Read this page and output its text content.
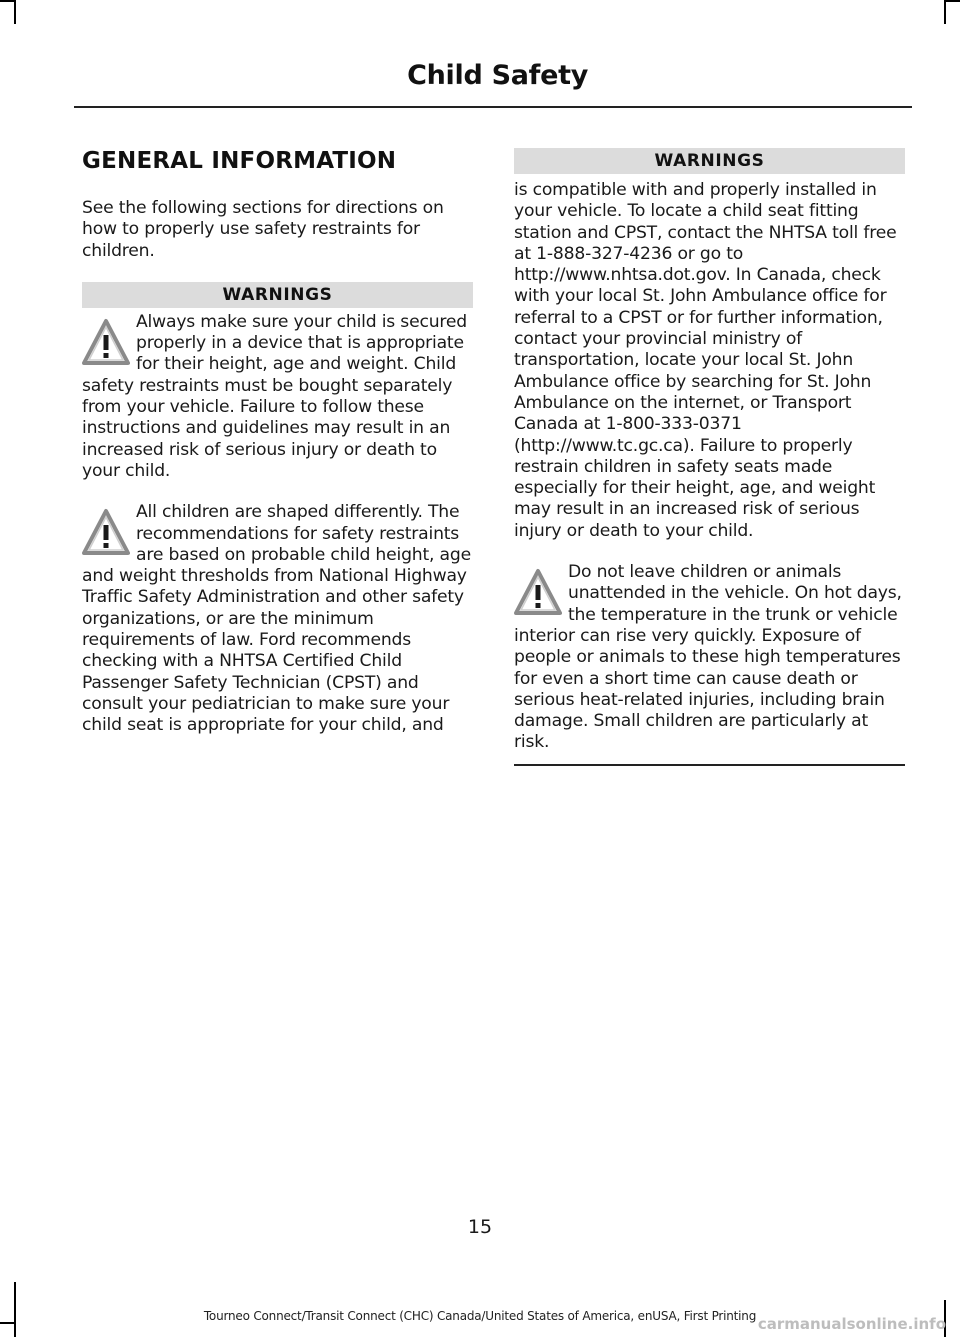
Child Safety
GENERAL INFORMATION

See the following sections for directions on how to properly use safety restraints for children.

WARNINGS
Always make sure your child is secured properly in a device that is appropriate for their height, age and weight. Child safety restraints must be bought separately from your vehicle. Failure to follow these instructions and guidelines may result in an increased risk of serious injury or death to your child.
All children are shaped differently. The recommendations for safety restraints are based on probable child height, age and weight thresholds from National Highway Traffic Safety Administration and other safety organizations, or are the minimum requirements of law. Ford recommends checking with a NHTSA Certified Child Passenger Safety Technician (CPST) and consult your pediatrician to make sure your child seat is appropriate for your child, and
WARNINGS
is compatible with and properly installed in your vehicle. To locate a child seat fitting station and CPST, contact the NHTSA toll free at 1-888-327-4236 or go to http://www.nhtsa.dot.gov. In Canada, check with your local St. John Ambulance office for referral to a CPST or for further information, contact your provincial ministry of transportation, locate your local St. John Ambulance office by searching for St. John Ambulance on the internet, or Transport Canada at 1-800-333-0371 (http://www.tc.gc.ca). Failure to properly restrain children in safety seats made especially for their height, age, and weight may result in an increased risk of serious injury or death to your child.
Do not leave children or animals unattended in the vehicle. On hot days, the temperature in the trunk or vehicle interior can rise very quickly. Exposure of people or animals to these high temperatures for even a short time can cause death or serious heat-related injuries, including brain damage. Small children are particularly at risk.
15
Tourneo Connect/Transit Connect (CHC) Canada/United States of America, enUSA, First Printing carmanualsonline.info
